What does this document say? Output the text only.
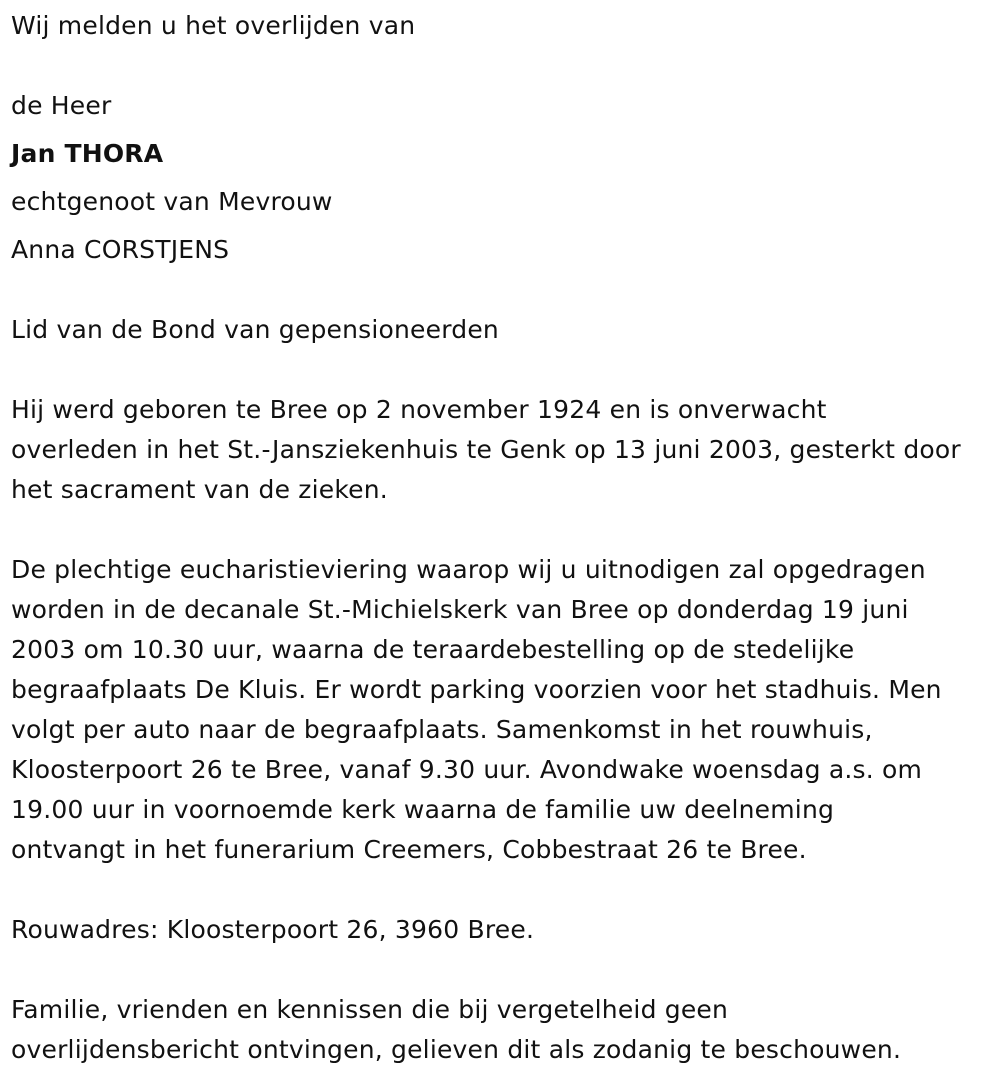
Wij melden u het overlijden van
de Heer
Jan THORA
echtgenoot van Mevrouw
Anna CORSTJENS
Lid van de Bond van gepensioneerden
Hij werd geboren te Bree op 2 november 1924 en is onverwacht
overleden in het St.-Jansziekenhuis te Genk op 13 juni 2003, gesterkt door
het sacrament van de zieken.
De plechtige eucharistieviering waarop wij u uitnodigen zal opgedragen
worden in de decanale St.-Michielskerk van Bree op donderdag 19 juni
2003 om 10.30 uur, waarna de teraardebestelling op de stedelijke
begraafplaats De Kluis. Er wordt parking voorzien voor het stadhuis. Men
volgt per auto naar de begraafplaats. Samenkomst in het rouwhuis,
Kloosterpoort 26 te Bree, vanaf 9.30 uur. Avondwake woensdag a.s. om
19.00 uur in voornoemde kerk waarna de familie uw deelneming
ontvangt in het funerarium Creemers, Cobbestraat 26 te Bree.
Rouwadres: Kloosterpoort 26, 3960 Bree.
Familie, vrienden en kennissen die bij vergetelheid geen
overlijdensbericht ontvingen, gelieven dit als zodanig te beschouwen.
